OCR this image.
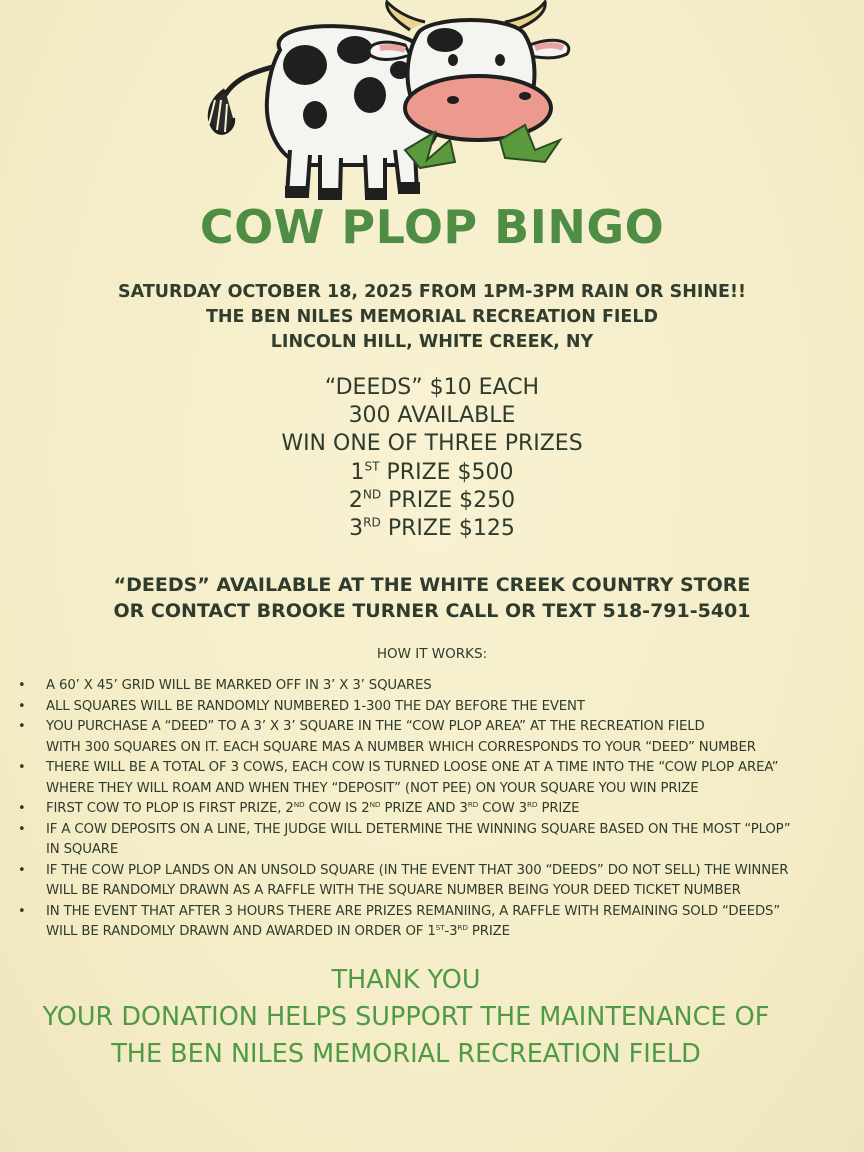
COW PLOP BINGO
SATURDAY OCTOBER 18, 2025 FROM 1PM-3PM RAIN OR SHINE!!
THE BEN NILES MEMORIAL RECREATION FIELD
LINCOLN HILL, WHITE CREEK, NY
“DEEDS” $10 EACH
300 AVAILABLE
WIN ONE OF THREE PRIZES
1ST PRIZE $500
2ND PRIZE $250
3RD PRIZE $125
“DEEDS” AVAILABLE AT THE WHITE CREEK COUNTRY STORE
OR CONTACT BROOKE TURNER CALL OR TEXT 518-791-5401
HOW IT WORKS:
• A 60’ X 45’ GRID WILL BE MARKED OFF IN 3’ X 3’ SQUARES
• ALL SQUARES WILL BE RANDOMLY NUMBERED 1-300 THE DAY BEFORE THE EVENT
• YOU PURCHASE A “DEED” TO A 3’ X 3’ SQUARE IN THE “COW PLOP AREA” AT THE RECREATION FIELD
WITH 300 SQUARES ON IT. EACH SQUARE MAS A NUMBER WHICH CORRESPONDS TO YOUR “DEED” NUMBER
• THERE WILL BE A TOTAL OF 3 COWS, EACH COW IS TURNED LOOSE ONE AT A TIME INTO THE “COW PLOP AREA”
WHERE THEY WILL ROAM AND WHEN THEY “DEPOSIT” (NOT PEE) ON YOUR SQUARE YOU WIN PRIZE
• FIRST COW TO PLOP IS FIRST PRIZE, 2ND COW IS 2ND PRIZE AND 3RD COW 3RD PRIZE
• IF A COW DEPOSITS ON A LINE, THE JUDGE WILL DETERMINE THE WINNING SQUARE BASED ON THE MOST “PLOP”
IN SQUARE
• IF THE COW PLOP LANDS ON AN UNSOLD SQUARE (IN THE EVENT THAT 300 “DEEDS” DO NOT SELL) THE WINNER
WILL BE RANDOMLY DRAWN AS A RAFFLE WITH THE SQUARE NUMBER BEING YOUR DEED TICKET NUMBER
• IN THE EVENT THAT AFTER 3 HOURS THERE ARE PRIZES REMANIING, A RAFFLE WITH REMAINING SOLD “DEEDS”
WILL BE RANDOMLY DRAWN AND AWARDED IN ORDER OF 1ST-3RD PRIZE
THANK YOU
YOUR DONATION HELPS SUPPORT THE MAINTENANCE OF
THE BEN NILES MEMORIAL RECREATION FIELD
